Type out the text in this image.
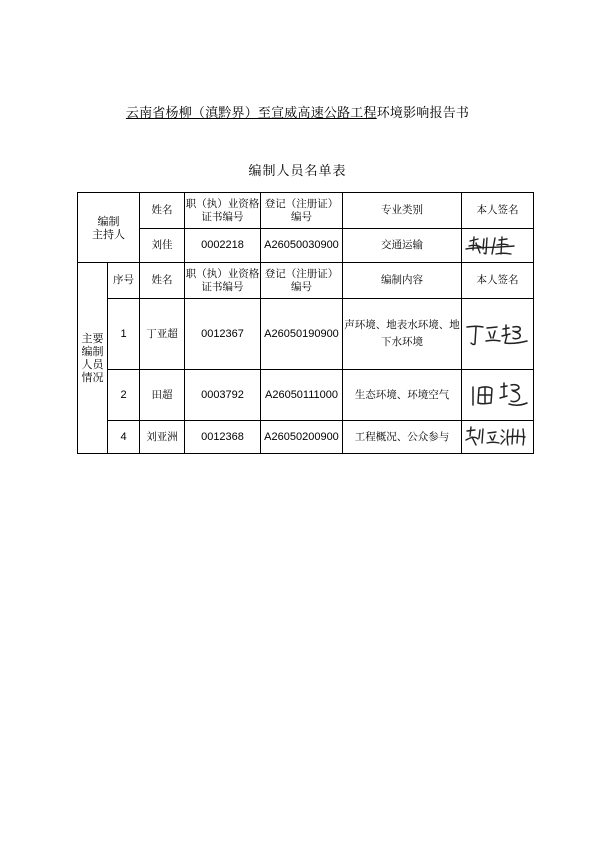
云南省杨柳（滇黔界）至宣威高速公路工程环境影响报告书
编制人员名单表
编制
主持人		姓名	职（执）业资格证书编号	登记（注册证）编号	专业类别	本人签名
		刘佳	0002218	A26050030900	交通运输	

主要
编制
人员
情况	序号	姓名	职（执）业资格证书编号	登记（注册证）编号	编制内容	本人签名
	1	丁亚超	0012367	A26050190900	声环境、地表水环境、地下水环境	

	2	田超	0003792	A26050111000	生态环境、环境空气	

	4	刘亚洲	0012368	A26050200900	工程概况、公众参与	
